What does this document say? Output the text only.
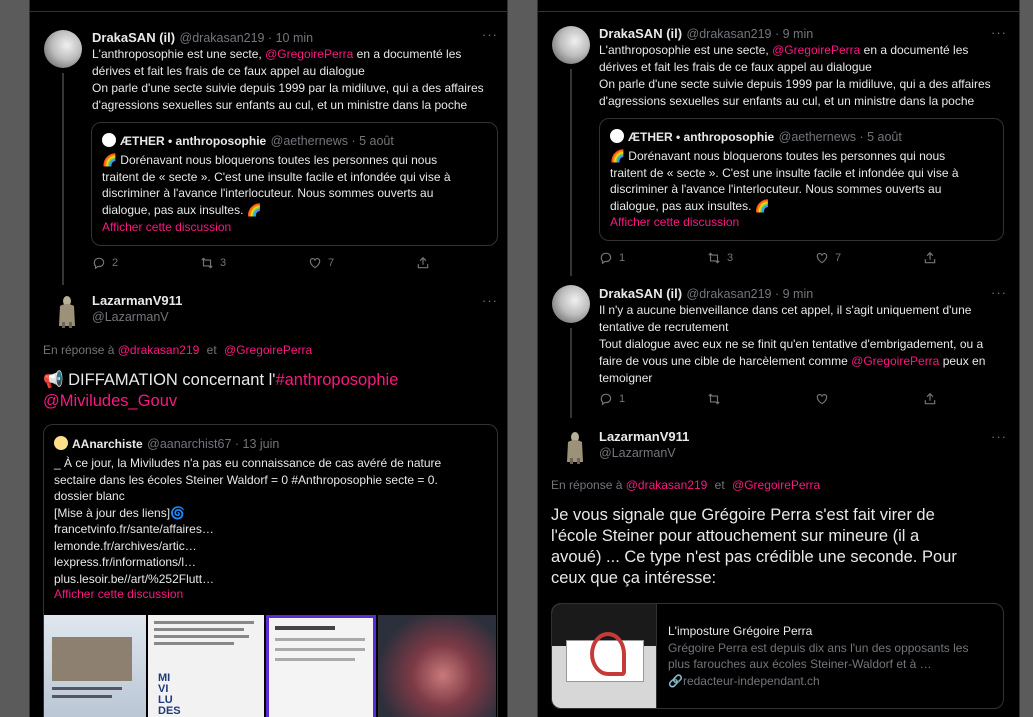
DrakaSAN (il) @drakasan219 · 10 min	···
L'anthroposophie est une secte, @GregoirePerra en a documenté les
dérives et fait les frais de ce faux appel au dialogue
On parle d'une secte suivie depuis 1999 par la midiluve, qui a des affaires
d'agressions sexuelles sur enfants au cul, et un ministre dans la poche
ÆTHER • anthroposophie @aethernews · 5 août
🌈 Dorénavant nous bloquerons toutes les personnes qui nous
traitent de « secte ». C'est une insulte facile et infondée qui vise à
discriminer à l'avance l'interlocuteur. Nous sommes ouverts au
dialogue, pas aux insultes. 🌈
Afficher cette discussion
2	3	7
LazarmanV911
@LazarmanV
···
En réponse à @drakasan219 et @GregoirePerra
📢 DIFFAMATION concernant l'#anthroposophie
@Miviludes_Gouv
AAnarchiste @aanarchist67 · 13 juin
_ À ce jour, la Miviludes n'a pas eu connaissance de cas avéré de nature
sectaire dans les écoles Steiner Waldorf = 0 #Anthroposophie secte = 0.
dossier blanc
[Mise à jour des liens]🌀
francetvinfo.fr/sante/affaires…
lemonde.fr/archives/artic…
lexpress.fr/informations/l…
plus.lesoir.be//art/%252Flutt…
Afficher cette discussion
MI
VI
LU
DES
DrakaSAN (il) @drakasan219 · 9 min	···
L'anthroposophie est une secte, @GregoirePerra en a documenté les
dérives et fait les frais de ce faux appel au dialogue
On parle d'une secte suivie depuis 1999 par la midiluve, qui a des affaires
d'agressions sexuelles sur enfants au cul, et un ministre dans la poche
ÆTHER • anthroposophie @aethernews · 5 août
🌈 Dorénavant nous bloquerons toutes les personnes qui nous
traitent de « secte ». C'est une insulte facile et infondée qui vise à
discriminer à l'avance l'interlocuteur. Nous sommes ouverts au
dialogue, pas aux insultes. 🌈
Afficher cette discussion
1	3	7
DrakaSAN (il) @drakasan219 · 9 min	···
Il n'y a aucune bienveillance dans cet appel, il s'agit uniquement d'une
tentative de recrutement
Tout dialogue avec eux ne se finit qu'en tentative d'embrigadement, ou a
faire de vous une cible de harcèlement comme @GregoirePerra peux en
temoigner
1
LazarmanV911
@LazarmanV
···
En réponse à @drakasan219 et @GregoirePerra
Je vous signale que Grégoire Perra s'est fait virer de
l'école Steiner pour attouchement sur mineure (il a
avoué) ... Ce type n'est pas crédible une seconde. Pour
ceux que ça intéresse:
L'imposture Grégoire Perra
Grégoire Perra est depuis dix ans l'un des opposants les
plus farouches aux écoles Steiner-Waldorf et à …
🔗redacteur-independant.ch
